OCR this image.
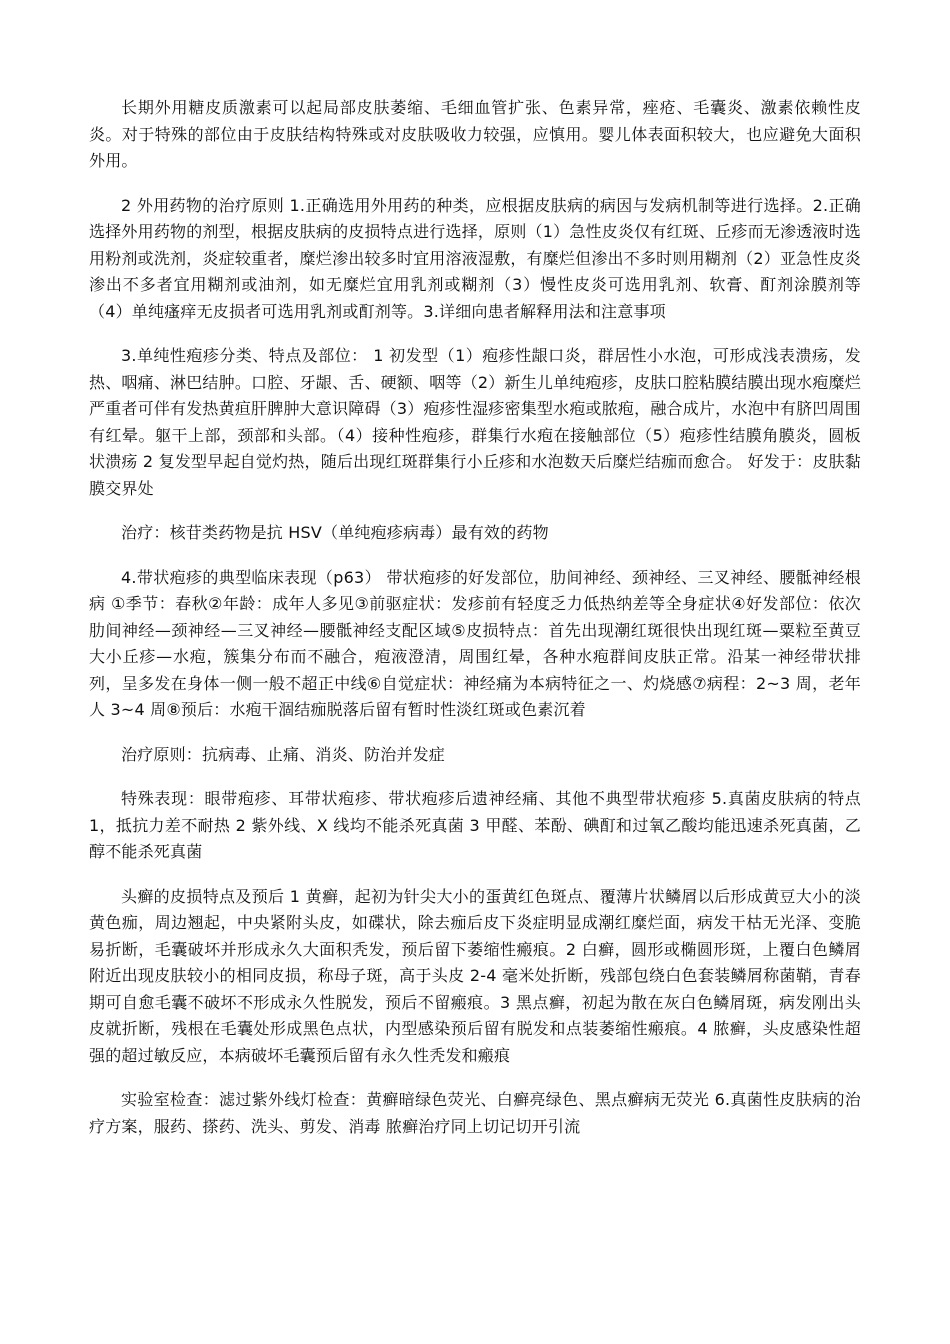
长期外用糖皮质激素可以起局部皮肤萎缩、毛细血管扩张、色素异常，痤疮、毛囊炎、激素依赖性皮炎。对于特殊的部位由于皮肤结构特殊或对皮肤吸收力较强，应慎用。婴儿体表面积较大，也应避免大面积外用。

2 外用药物的治疗原则 1.正确选用外用药的种类，应根据皮肤病的病因与发病机制等进行选择。2.正确选择外用药物的剂型，根据皮肤病的皮损特点进行选择，原则（1）急性皮炎仅有红斑、丘疹而无渗透液时选用粉剂或洗剂，炎症较重者，糜烂渗出较多时宜用溶液湿敷，有糜烂但渗出不多时则用糊剂（2）亚急性皮炎渗出不多者宜用糊剂或油剂，如无糜烂宜用乳剂或糊剂（3）慢性皮炎可选用乳剂、软膏、酊剂涂膜剂等（4）单纯瘙痒无皮损者可选用乳剂或酊剂等。3.详细向患者解释用法和注意事项

3.单纯性疱疹分类、特点及部位： 1 初发型（1）疱疹性龈口炎，群居性小水泡，可形成浅表溃疡，发热、咽痛、淋巴结肿。口腔、牙龈、舌、硬额、咽等（2）新生儿单纯疱疹，皮肤口腔粘膜结膜出现水疱糜烂严重者可伴有发热黄疸肝脾肿大意识障碍（3）疱疹性湿疹密集型水疱或脓疱，融合成片，水泡中有脐凹周围有红晕。躯干上部，颈部和头部。（4）接种性疱疹，群集行水疱在接触部位（5）疱疹性结膜角膜炎，圆板状溃疡 2 复发型早起自觉灼热，随后出现红斑群集行小丘疹和水泡数天后糜烂结痂而愈合。 好发于：皮肤黏膜交界处

治疗：核苷类药物是抗 HSV（单纯疱疹病毒）最有效的药物

4.带状疱疹的典型临床表现（p63） 带状疱疹的好发部位，肋间神经、颈神经、三叉神经、腰骶神经根病 ①季节：春秋②年龄：成年人多见③前驱症状：发疹前有轻度乏力低热纳差等全身症状④好发部位：依次肋间神经—颈神经—三叉神经—腰骶神经支配区域⑤皮损特点：首先出现潮红斑很快出现红斑—粟粒至黄豆大小丘疹—水疱，簇集分布而不融合，疱液澄清，周围红晕，各种水疱群间皮肤正常。沿某一神经带状排列，呈多发在身体一侧一般不超正中线⑥自觉症状：神经痛为本病特征之一、灼烧感⑦病程：2~3 周，老年人 3~4 周⑧预后：水疱干涸结痂脱落后留有暂时性淡红斑或色素沉着

治疗原则：抗病毒、止痛、消炎、防治并发症

特殊表现：眼带疱疹、耳带状疱疹、带状疱疹后遗神经痛、其他不典型带状疱疹 5.真菌皮肤病的特点 1，抵抗力差不耐热 2 紫外线、X 线均不能杀死真菌 3 甲醛、苯酚、碘酊和过氧乙酸均能迅速杀死真菌，乙醇不能杀死真菌

头癣的皮损特点及预后 1 黄癣，起初为针尖大小的蛋黄红色斑点、覆薄片状鳞屑以后形成黄豆大小的淡黄色痂，周边翘起，中央紧附头皮，如碟状，除去痂后皮下炎症明显成潮红糜烂面，病发干枯无光泽、变脆易折断，毛囊破坏并形成永久大面积秃发，预后留下萎缩性瘢痕。2 白癣，圆形或椭圆形斑，上覆白色鳞屑附近出现皮肤较小的相同皮损，称母子斑，高于头皮 2-4 毫米处折断，残部包绕白色套装鳞屑称菌鞘，青春期可自愈毛囊不破坏不形成永久性脱发，预后不留瘢痕。3 黑点癣，初起为散在灰白色鳞屑斑，病发刚出头皮就折断，残根在毛囊处形成黑色点状，内型感染预后留有脱发和点装萎缩性瘢痕。4 脓癣，头皮感染性超强的超过敏反应，本病破坏毛囊预后留有永久性秃发和瘢痕

实验室检查：滤过紫外线灯检查：黄癣暗绿色荧光、白癣亮绿色、黑点癣病无荧光 6.真菌性皮肤病的治疗方案，服药、搽药、洗头、剪发、消毒 脓癣治疗同上切记切开引流
